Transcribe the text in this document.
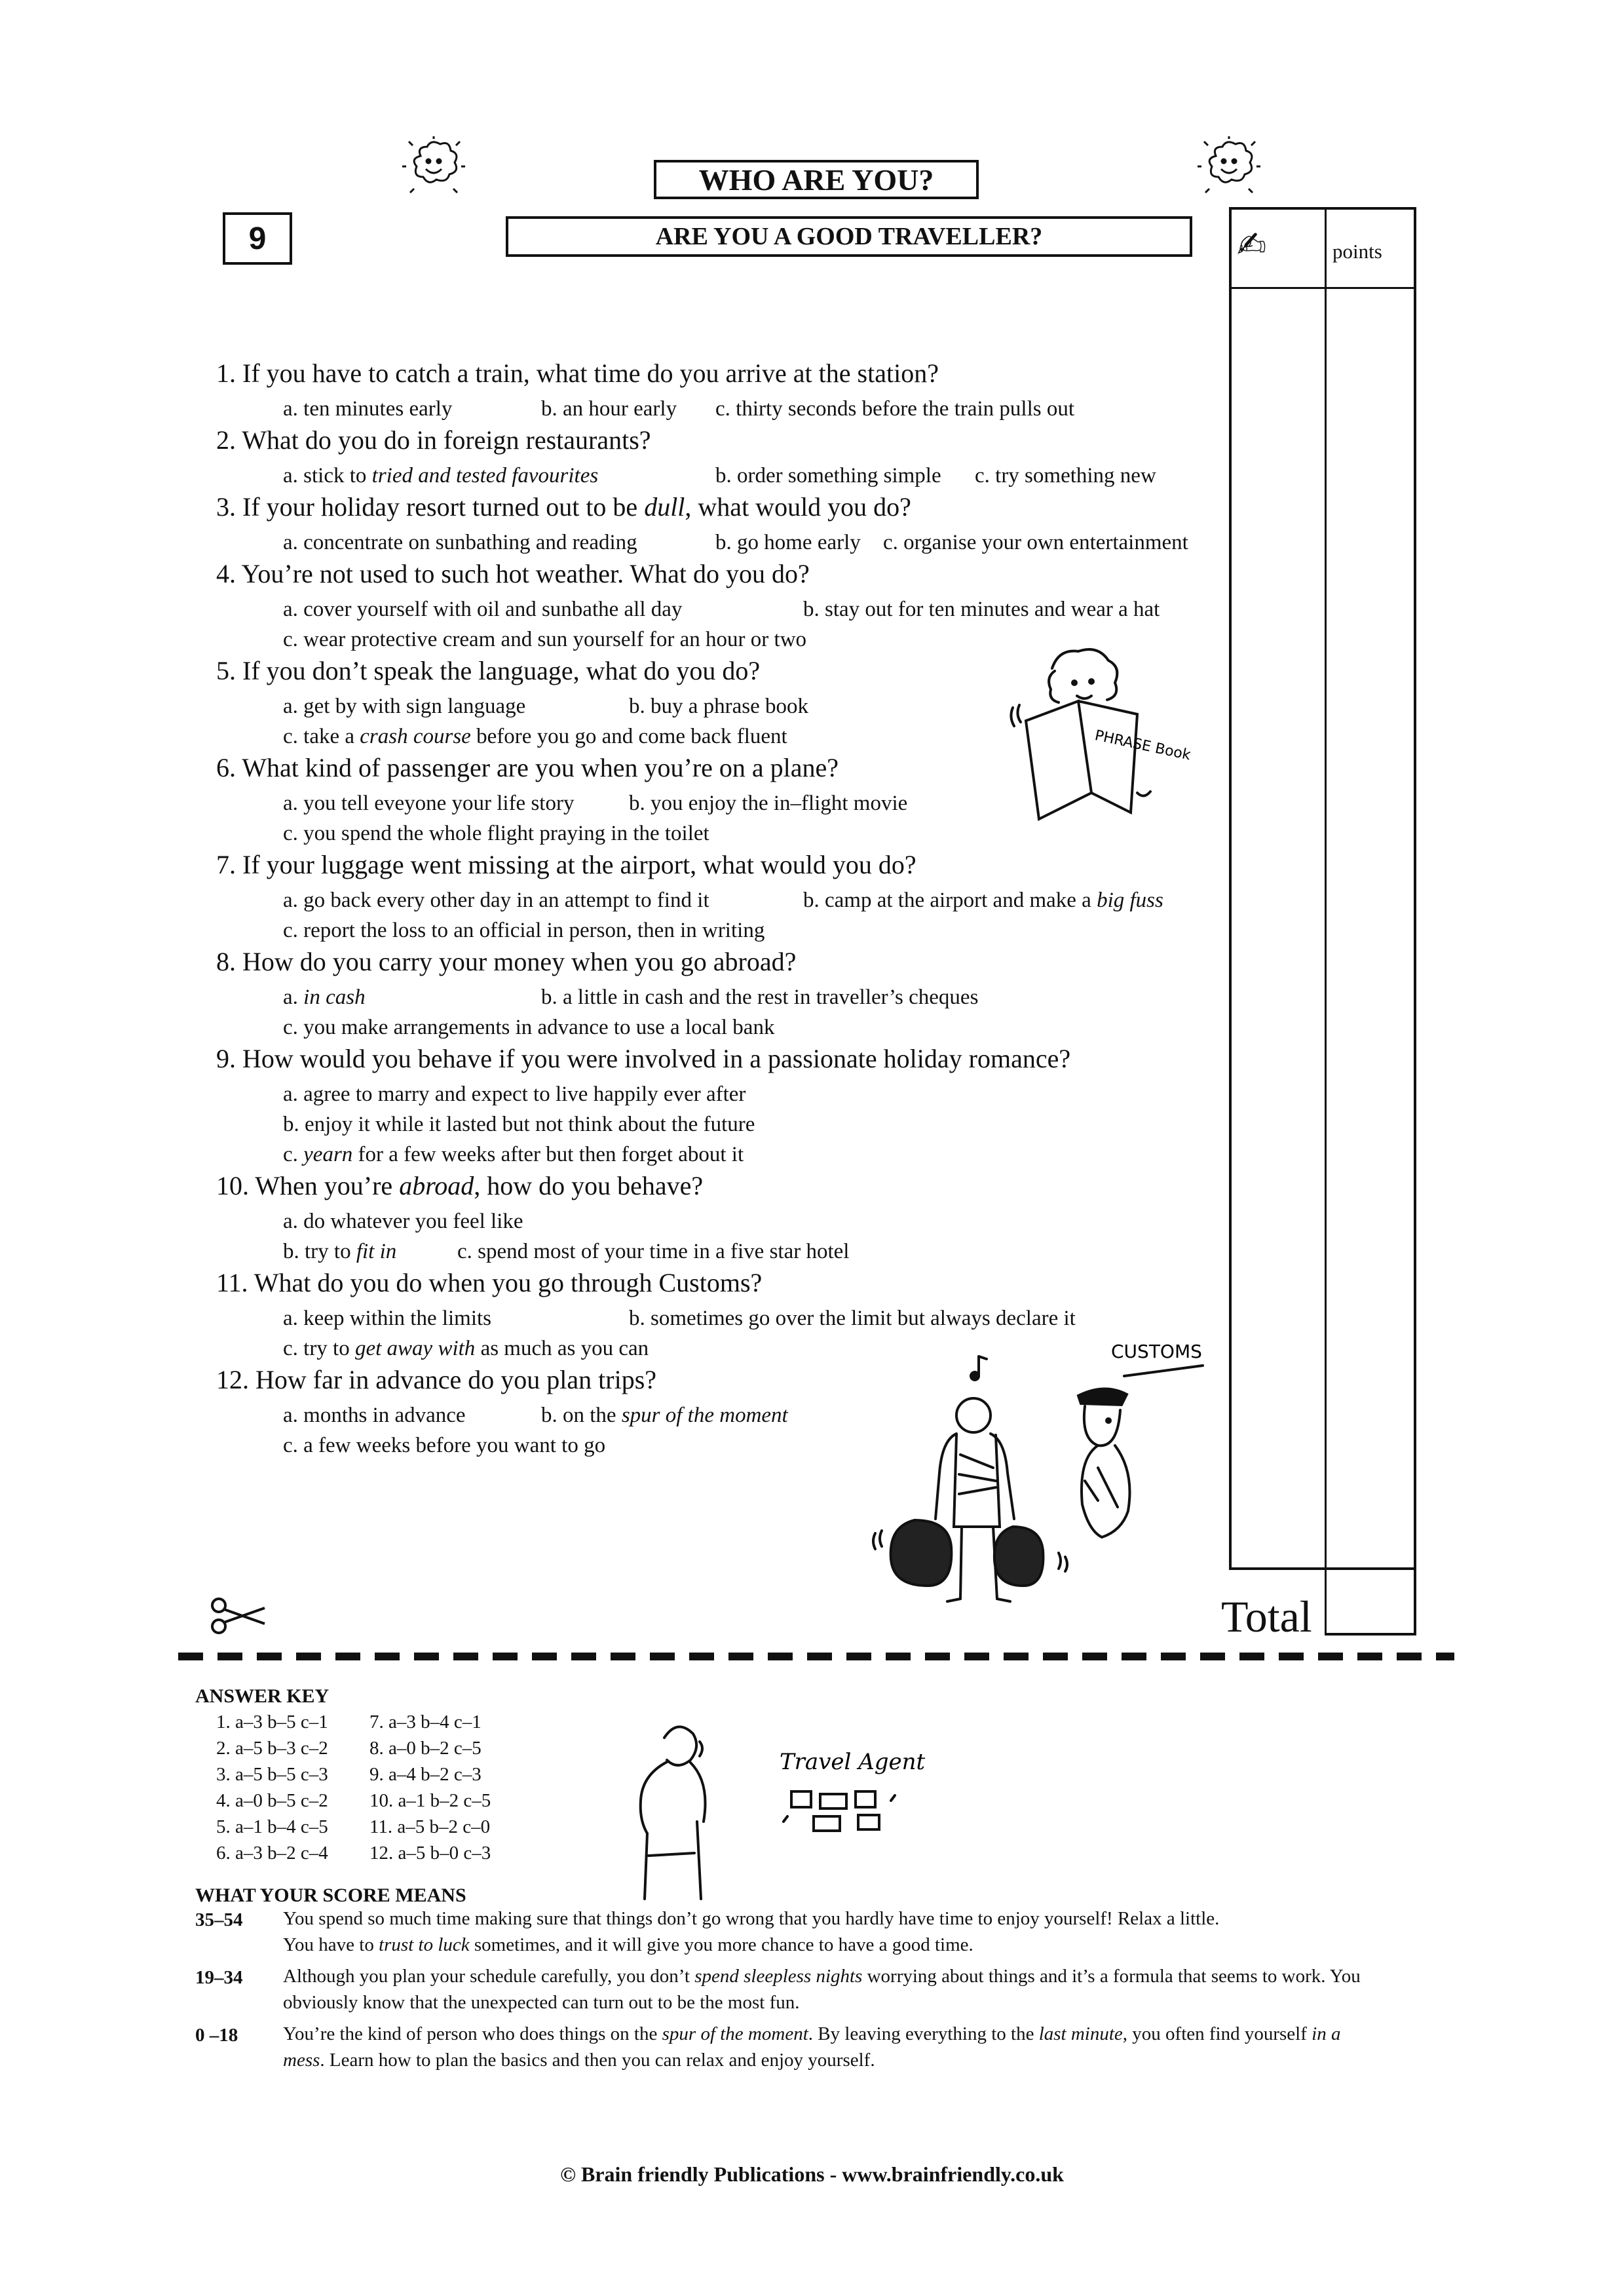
WHO ARE YOU?
9	ARE YOU A GOOD TRAVELLER?	✍	points
Total
1. If you have to catch a train, what time do you arrive at the station?
a. ten minutes early	b. an hour early c. thirty seconds before the train pulls out
2. What do you do in foreign restaurants?
a. stick to tried and tested favourites	b. order something simple c. try something new
3. If your holiday resort turned out to be dull, what would you do?
a. concentrate on sunbathing and reading	b. go home early c. organise your own entertainment
4. You’re not used to such hot weather. What do you do?
a. cover yourself with oil and sunbathe all day	b. stay out for ten minutes and wear a hat
c. wear protective cream and sun yourself for an hour or two
5. If you don’t speak the language, what do you do?
a. get by with sign language	b. buy a phrase book
c. take a crash course before you go and come back fluent
6. What kind of passenger are you when you’re on a plane?
a. you tell eveyone your life story	b. you enjoy the in–flight movie
c. you spend the whole flight praying in the toilet
7. If your luggage went missing at the airport, what would you do?
a. go back every other day in an attempt to find it	b. camp at the airport and make a big fuss
c. report the loss to an official in person, then in writing
8. How do you carry your money when you go abroad?
a. in cash	b. a little in cash and the rest in traveller’s cheques
c. you make arrangements in advance to use a local bank
9. How would you behave if you were involved in a passionate holiday romance?
a. agree to marry and expect to live happily ever after
b. enjoy it while it lasted but not think about the future
c. yearn for a few weeks after but then forget about it
10. When you’re abroad, how do you behave?
a. do whatever you feel like
b. try to fit in	c. spend most of your time in a five star hotel
11. What do you do when you go through Customs?
a. keep within the limits	b. sometimes go over the limit but always declare it
c. try to get away with as much as you can
12. How far in advance do you plan trips?
a. months in advance	b. on the spur of the moment
c. a few weeks before you want to go
PHRASE Book
CUSTOMS
ANSWER KEY
1. a–3 b–5 c–1
2. a–5 b–3 c–2
3. a–5 b–5 c–3
4. a–0 b–5 c–2
5. a–1 b–4 c–5
6. a–3 b–2 c–4
7. a–3 b–4 c–1
8. a–0 b–2 c–5
9. a–4 b–2 c–3
10. a–1 b–2 c–5
11. a–5 b–2 c–0
12. a–5 b–0 c–3
Travel Agent
WHAT YOUR SCORE MEANS
35–54 You spend so much time making sure that things don’t go wrong that you hardly have time to enjoy yourself! Relax a little.
You have to trust to luck sometimes, and it will give you more chance to have a good time.
19–34 Although you plan your schedule carefully, you don’t spend sleepless nights worrying about things and it’s a formula that seems to work. You obviously know that the unexpected can turn out to be the most fun.
0 –18 You’re the kind of person who does things on the spur of the moment. By leaving everything to the last minute, you often find yourself in a mess. Learn how to plan the basics and then you can relax and enjoy yourself.
© Brain friendly Publications - www.brainfriendly.co.uk
